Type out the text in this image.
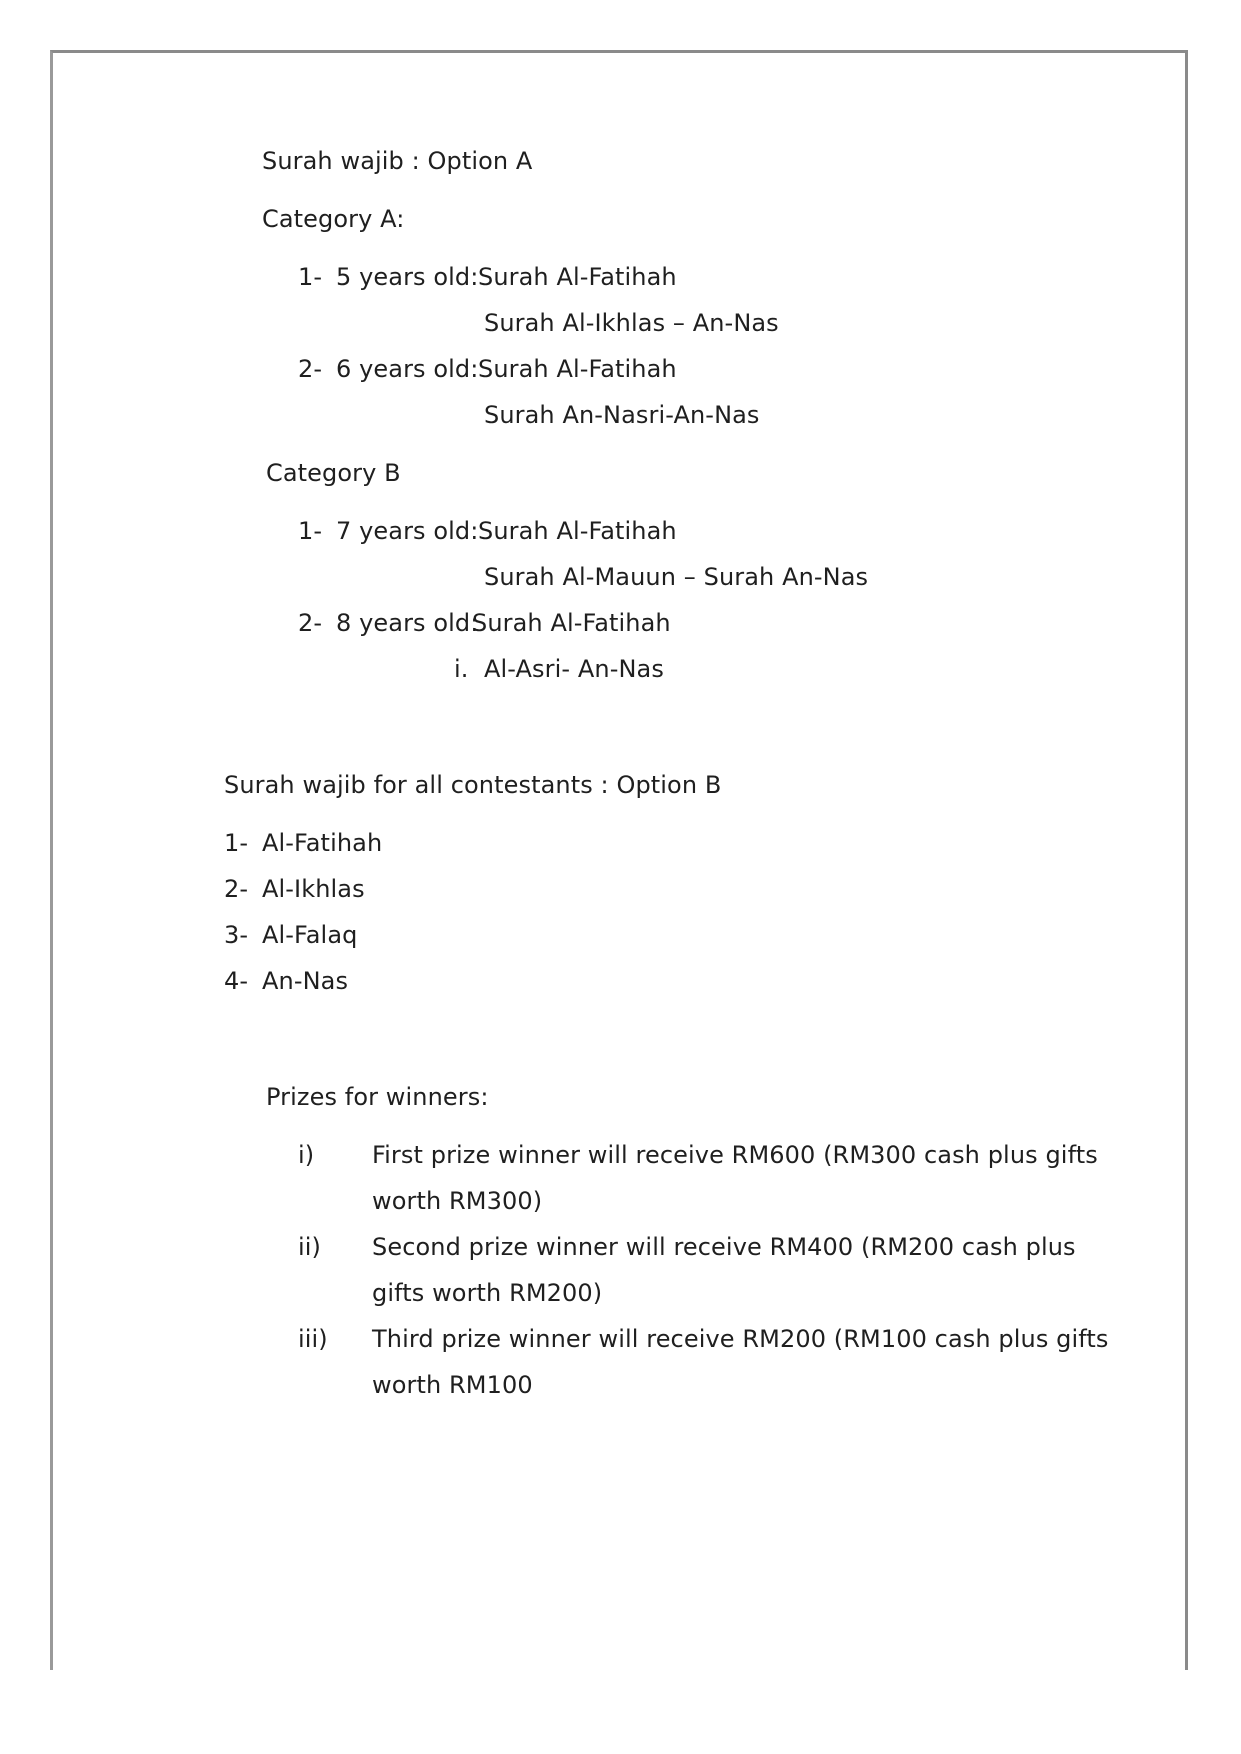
Surah wajib : Option A
Category A:
1- 5 years old: Surah Al-Fatihah
Surah Al-Ikhlas – An-Nas
2- 6 years old: Surah Al-Fatihah
Surah An-Nasri-An-Nas
Category B
1- 7 years old: Surah Al-Fatihah
Surah Al-Mauun – Surah An-Nas
2- 8 years old:
Surah Al-Fatihah
i. Al-Asri- An-Nas
Surah wajib for all contestants : Option B
1- Al-Fatihah
2- Al-Ikhlas
3- Al-Falaq
4- An-Nas
Prizes for winners:
i) First prize winner will receive RM600 (RM300 cash plus gifts
worth RM300)
ii) Second prize winner will receive RM400 (RM200 cash plus
gifts worth RM200)
iii) Third prize winner will receive RM200 (RM100 cash plus gifts
worth RM100
